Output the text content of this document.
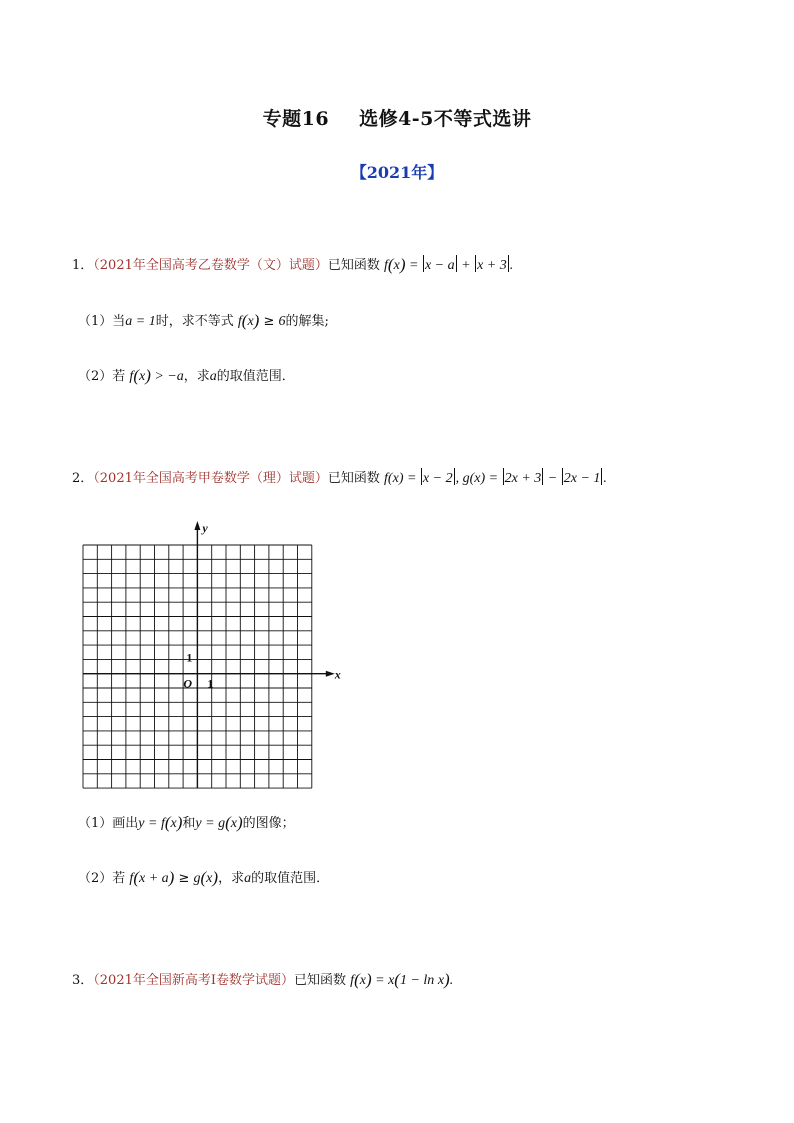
专题16 选修4-5不等式选讲
【2021年】
1．（2021年全国高考乙卷数学（文）试题）已知函数 f(x) = x − a + x + 3 .
（1）当a = 1时，求不等式 f(x) ≥ 6的解集;
（2）若 f(x) > −a，求a的取值范围．
2．（2021年全国高考甲卷数学（理）试题）已知函数 f(x) = x − 2 , g(x) = 2x + 3 − 2x − 1 .
y
x
O 1
1
（1）画出y = f(x)和y = g(x)的图像；
（2）若 f(x + a) ≥ g(x)，求a的取值范围．
3．（2021年全国新高考Ⅰ卷数学试题）已知函数 f(x) = x(1 − ln x).
